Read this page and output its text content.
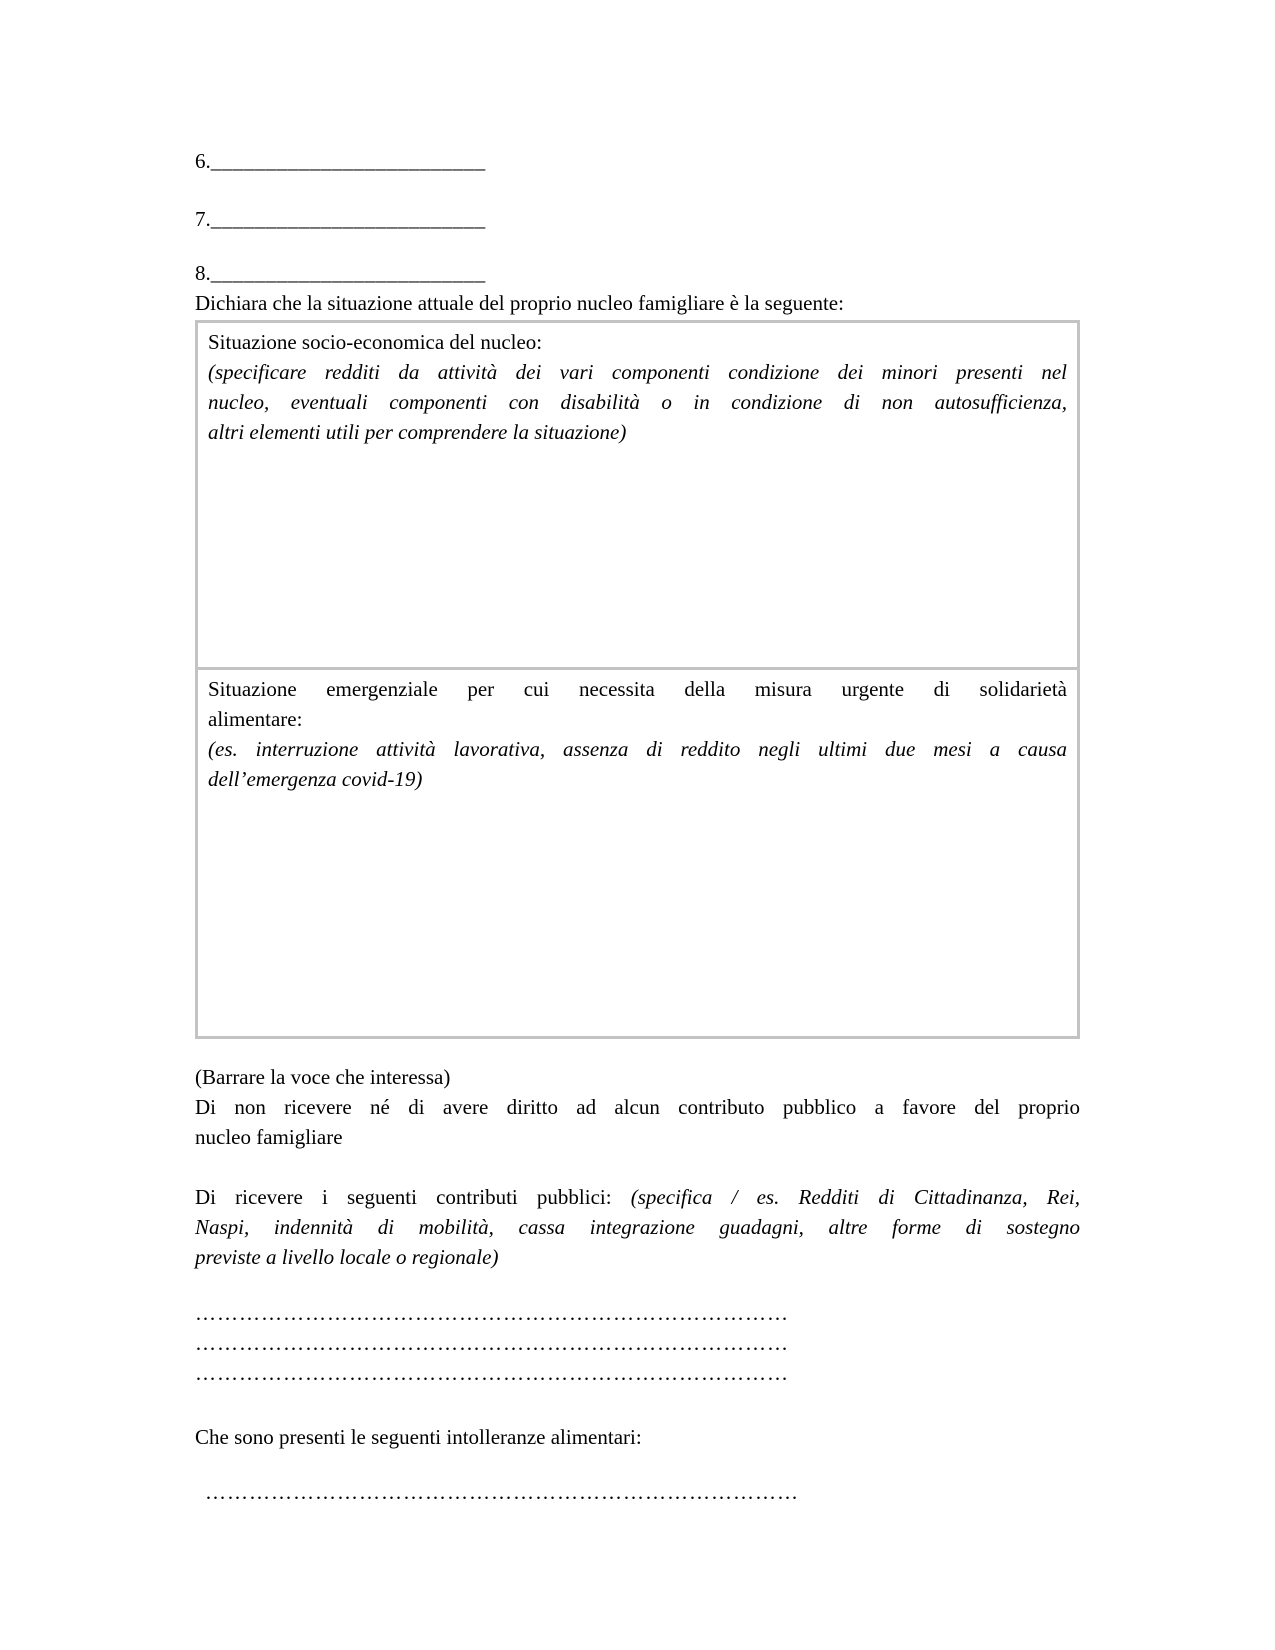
6._________________________

7._________________________

8._________________________

Dichiara che la situazione attuale del proprio nucleo famigliare è la seguente:

Situazione socio-economica del nucleo:
(specificare redditi da attività dei vari componenti condizione dei minori presenti nel
nucleo, eventuali componenti con disabilità o in condizione di non autosufficienza,
altri elementi utili per comprendere la situazione)

Situazione emergenziale per cui necessita della misura urgente di solidarietà
alimentare:
(es. interruzione attività lavorativa, assenza di reddito negli ultimi due mesi a causa
dell’emergenza covid-19)

(Barrare la voce che interessa)

Di non ricevere né di avere diritto ad alcun contributo pubblico a favore del proprio
nucleo famigliare
Di ricevere i seguenti contributi pubblici: (specifica / es. Redditi di Cittadinanza, Rei,
Naspi, indennità di mobilità, cassa integrazione guadagni, altre forme di sostegno
previste a livello locale o regionale)
………………………………………………………………………
………………………………………………………………………
………………………………………………………………………

Che sono presenti le seguenti intolleranze alimentari:

………………………………………………………………………
